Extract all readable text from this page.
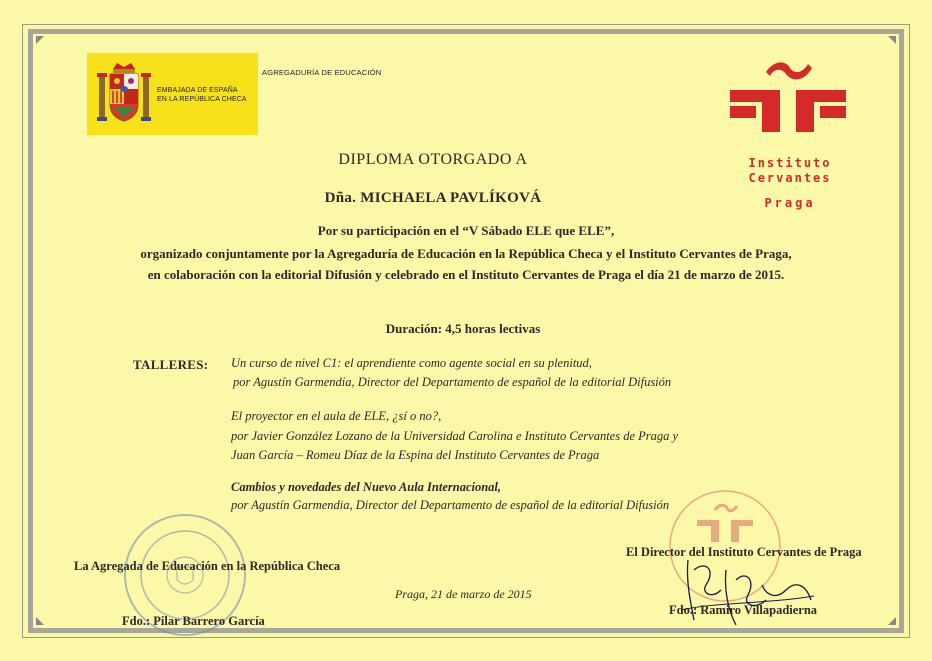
EMBAJADA DE ESPAÑA
EN LA REPÚBLICA CHECA
AGREGADURÍA DE EDUCACIÓN
Instituto
Cervantes
Praga
DIPLOMA OTORGADO A
Dña. MICHAELA PAVLÍKOVÁ
Por su participación en el “V Sábado ELE que ELE”,
organizado conjuntamente por la Agregaduría de Educación en la República Checa y el Instituto Cervantes de Praga,
en colaboración con la editorial Difusión y celebrado en el Instituto Cervantes de Praga el día 21 de marzo de 2015.
Duración: 4,5 horas lectivas
TALLERES: Un curso de nivel C1: el aprendiente como agente social en su plenitud,
por Agustín Garmendia, Director del Departamento de español de la editorial Difusión
El proyector en el aula de ELE, ¿sí o no?,
por Javier González Lozano de la Universidad Carolina e Instituto Cervantes de Praga y
Juan García – Romeu Díaz de la Espina del Instituto Cervantes de Praga
Cambios y novedades del Nuevo Aula Internacional,
por Agustín Garmendia, Director del Departamento de español de la editorial Difusión
La Agregada de Educación en la República Checa
Fdo.: Pilar Barrero García
Praga, 21 de marzo de 2015
El Director del Instituto Cervantes de Praga
Fdo.: Ramiro Villapadierna
